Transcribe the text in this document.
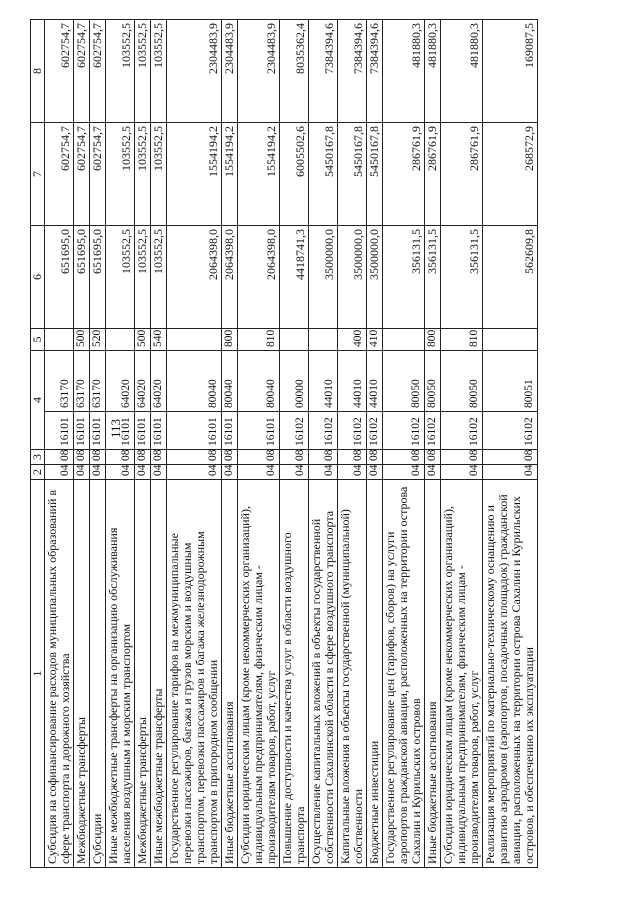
113
1	2	3	4		5	6	7	8
Субсидия на софинансирование расходов муниципальных образований в сфере транспорта и дорожного хозяйства	04	08	16101	63170		651695,0	602754,7	602754,7
Межбюджетные трансферты	04	08	16101	63170	500	651695,0	602754,7	602754,7
Субсидии	04	08	16101	63170	520	651695,0	602754,7	602754,7
Иные межбюджетные трансферты на организацию обслуживания населения воздушным и морским транспортом	04	08	16101	64020		103552,5	103552,5	103552,5
Межбюджетные трансферты	04	08	16101	64020	500	103552,5	103552,5	103552,5
Иные межбюджетные трансферты	04	08	16101	64020	540	103552,5	103552,5	103552,5
Государственное регулирование тарифов на межмуниципальные перевозки пассажиров, багажа и грузов морским и воздушным транспортом, перевозки пассажиров и багажа железнодорожным транспортом в пригородном сообщении	04	08	16101	80040		2064398,0	1554194,2	2304483,9
Иные бюджетные ассигнования	04	08	16101	80040	800	2064398,0	1554194,2	2304483,9
Субсидии юридическим лицам (кроме некоммерческих организаций), индивидуальным предпринимателям, физическим лицам - производителям товаров, работ, услуг	04	08	16101	80040	810	2064398,0	1554194,2	2304483,9
Повышение доступности и качества услуг в области воздушного транспорта	04	08	16102	00000		4418741,3	6005502,6	8035362,4
Осуществление капитальных вложений в объекты государственной собственности Сахалинской области в сфере воздушного транспорта	04	08	16102	44010		3500000,0	5450167,8	7384394,6
Капитальные вложения в объекты государственной (муниципальной) собственности	04	08	16102	44010	400	3500000,0	5450167,8	7384394,6
Бюджетные инвестиции	04	08	16102	44010	410	3500000,0	5450167,8	7384394,6
Государственное регулирование цен (тарифов, сборов) на услуги аэропортов гражданской авиации, расположенных на территории острова Сахалин и Курильских островов	04	08	16102	80050		356131,5	286761,9	481880,3
Иные бюджетные ассигнования	04	08	16102	80050	800	356131,5	286761,9	481880,3
Субсидии юридическим лицам (кроме некоммерческих организаций), индивидуальным предпринимателям, физическим лицам - производителям товаров, работ, услуг	04	08	16102	80050	810	356131,5	286761,9	481880,3
Реализация мероприятий по материально-техническому оснащению и развитию аэродромов (аэропортов, посадочных площадок) гражданской авиации, расположенных на территории острова Сахалин и Курильских островов, и обеспечению их эксплуатации	04	08	16102	80051		562609,8	268572,9	169087,5
